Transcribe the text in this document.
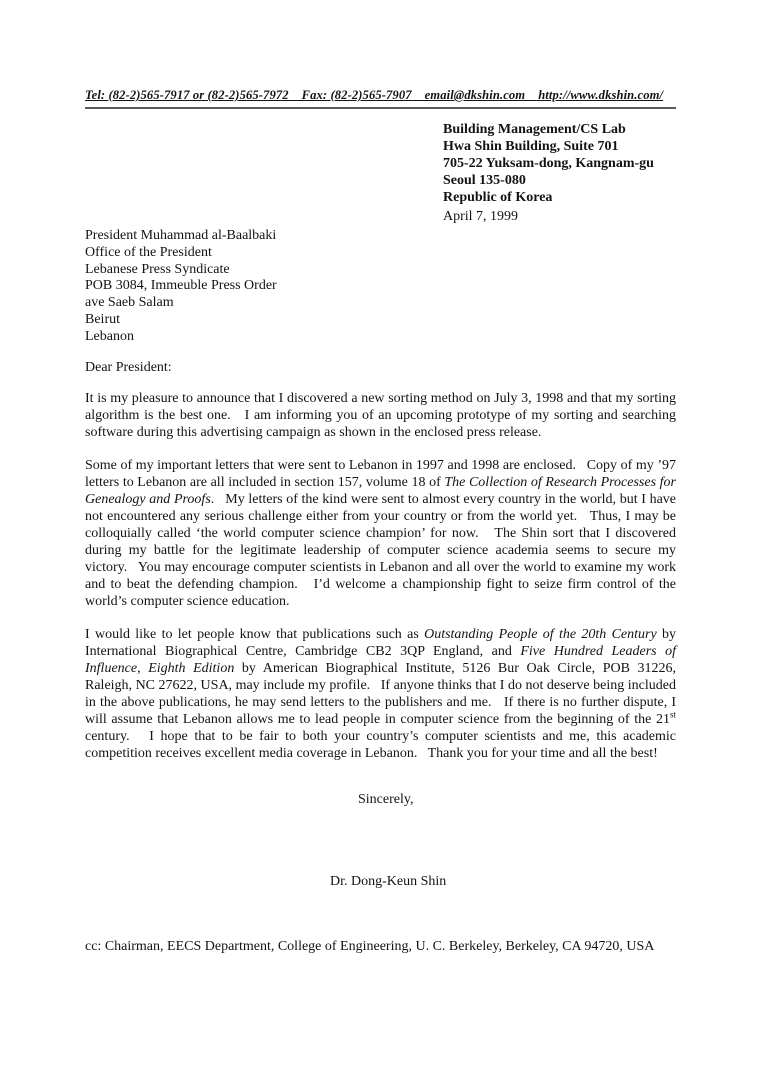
Tel: (82-2)565-7917 or (82-2)565-7972    Fax: (82-2)565-7907    email@dkshin.com    http://www.dkshin.com/
Building Management/CS Lab
Hwa Shin Building, Suite 701
705-22 Yuksam-dong, Kangnam-gu
Seoul 135-080
Republic of Korea
April 7, 1999
President Muhammad al-Baalbaki
Office of the President
Lebanese Press Syndicate
POB 3084, Immeuble Press Order
ave Saeb Salam
Beirut
Lebanon
Dear President:

It is my pleasure to announce that I discovered a new sorting method on July 3, 1998 and that my sorting algorithm is the best one.   I am informing you of an upcoming prototype of my sorting and searching software during this advertising campaign as shown in the enclosed press release.

Some of my important letters that were sent to Lebanon in 1997 and 1998 are enclosed.   Copy of my ’97 letters to Lebanon are all included in section 157, volume 18 of The Collection of Research Processes for Genealogy and Proofs.   My letters of the kind were sent to almost every country in the world, but I have not encountered any serious challenge either from your country or from the world yet.   Thus, I may be colloquially called ‘the world computer science champion’ for now.   The Shin sort that I discovered during my battle for the legitimate leadership of computer science academia seems to secure my victory.   You may encourage computer scientists in Lebanon and all over the world to examine my work and to beat the defending champion.   I’d welcome a championship fight to seize firm control of the world’s computer science education.

I would like to let people know that publications such as Outstanding People of the 20th Century by International Biographical Centre, Cambridge CB2 3QP England, and Five Hundred Leaders of Influence, Eighth Edition by American Biographical Institute, 5126 Bur Oak Circle, POB 31226, Raleigh, NC 27622, USA, may include my profile.   If anyone thinks that I do not deserve being included in the above publications, he may send letters to the publishers and me.   If there is no further dispute, I will assume that Lebanon allows me to lead people in computer science from the beginning of the 21st century.   I hope that to be fair to both your country’s computer scientists and me, this academic competition receives excellent media coverage in Lebanon.   Thank you for your time and all the best!

Sincerely,
Dr. Dong-Keun Shin
cc: Chairman, EECS Department, College of Engineering, U. C. Berkeley, Berkeley, CA 94720, USA
